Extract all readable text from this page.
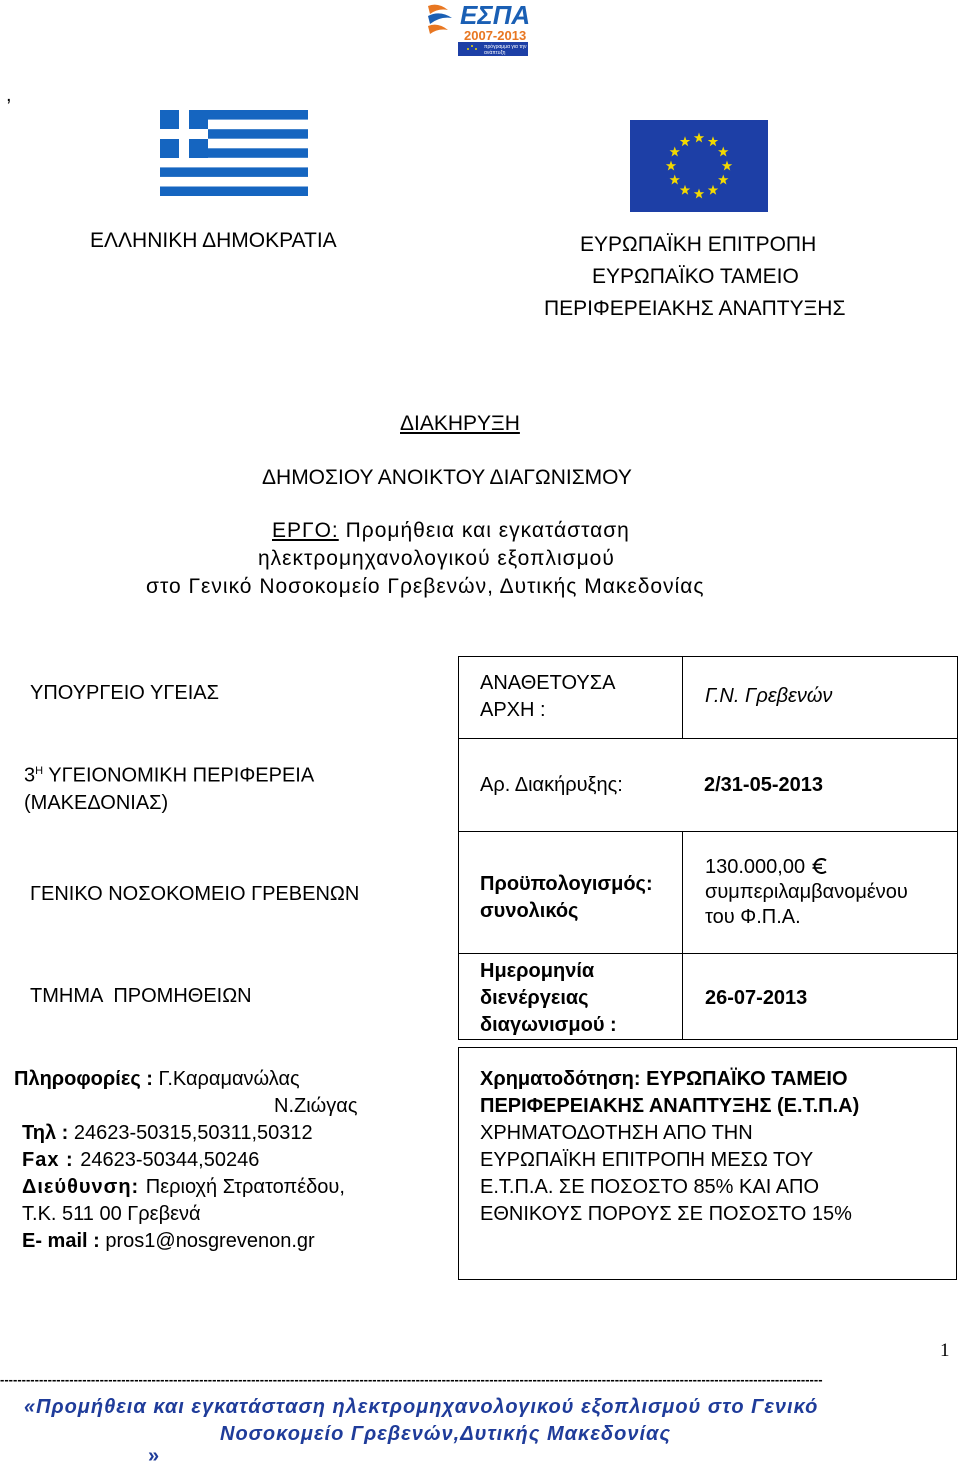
ΕΣΠΑ
2007-2013
πρόγραμμα για την ανάπτυξη
,
ΕΛΛΗΝΙΚΗ ΔΗΜΟΚΡΑΤΙΑ	ΕΥΡΩΠΑΪΚΗ ΕΠΙΤΡΟΠΗ
ΕΥΡΩΠΑΪΚΟ ΤΑΜΕΙΟ
ΠΕΡΙΦΕΡΕΙΑΚΗΣ ΑΝΑΠΤΥΞΗΣ
ΔΙΑΚΗΡΥΞΗ
ΔΗΜΟΣΙΟΥ ΑΝΟΙΚΤΟΥ ΔΙΑΓΩΝΙΣΜΟΥ
ΕΡΓΟ: Προμήθεια και εγκατάσταση
ηλεκτρομηχανολογικού εξοπλισμού
στο Γενικό Νοσοκομείο Γρεβενών, Δυτικής Μακεδονίας
ΥΠΟΥΡΓΕΙΟ ΥΓΕΙΑΣ
$3^H$ ΥΓΕΙΟΝΟΜΙΚΗ ΠΕΡΙΦΕΡΕΙΑ
(ΜΑΚΕΔΟΝΙΑΣ)
ΓΕΝΙΚΟ ΝΟΣΟΚΟΜΕΙΟ ΓΡΕΒΕΝΩΝ
ΤΜΗΜΑ  ΠΡΟΜΗΘΕΙΩΝ
ΑΝΑΘΕΤΟΥΣΑ
ΑΡΧΗ :
Γ.Ν. Γρεβενών
Αρ. Διακήρυξης:	2/31-05-2013
Προϋπολογισμός:
συνολικός
130.000,00
συμπεριλαμβανομένου
του Φ.Π.Α.
Ημερομηνία
διενέργειας
διαγωνισμού :
26-07-2013
Πληροφορίες : Γ.Καραμανώλας
Ν.Ζιώγας
Τηλ : 24623-50315,50311,50312
Fax : 24623-50344,50246
Διεύθυνση: Περιοχή Στρατοπέδου,
Τ.Κ. 511 00 Γρεβενά
E- mail : pros1@nosgrevenon.gr
Χρηματοδότηση: ΕΥΡΩΠΑΪΚΟ ΤΑΜΕΙΟ
ΠΕΡΙΦΕΡΕΙΑΚΗΣ ΑΝΑΠΤΥΞΗΣ (Ε.Τ.Π.Α)
ΧΡΗΜΑΤΟΔΟΤΗΣΗ ΑΠΟ ΤΗΝ
ΕΥΡΩΠΑΪΚΗ ΕΠΙΤΡΟΠΗ ΜΕΣΩ ΤΟΥ
Ε.Τ.Π.Α. ΣΕ ΠΟΣΟΣΤΟ 85% ΚΑΙ ΑΠΟ
ΕΘΝΙΚΟΥΣ ΠΟΡΟΥΣ ΣΕ ΠΟΣΟΣΤΟ 15%
1
----------------------------------------------------------------------------------------------------------------------------------------------------------------------------------------------
«Προμήθεια και εγκατάσταση ηλεκτρομηχανολογικού εξοπλισμού στο Γενικό
Νοσοκομείο Γρεβενών,Δυτικής Μακεδονίας
»
